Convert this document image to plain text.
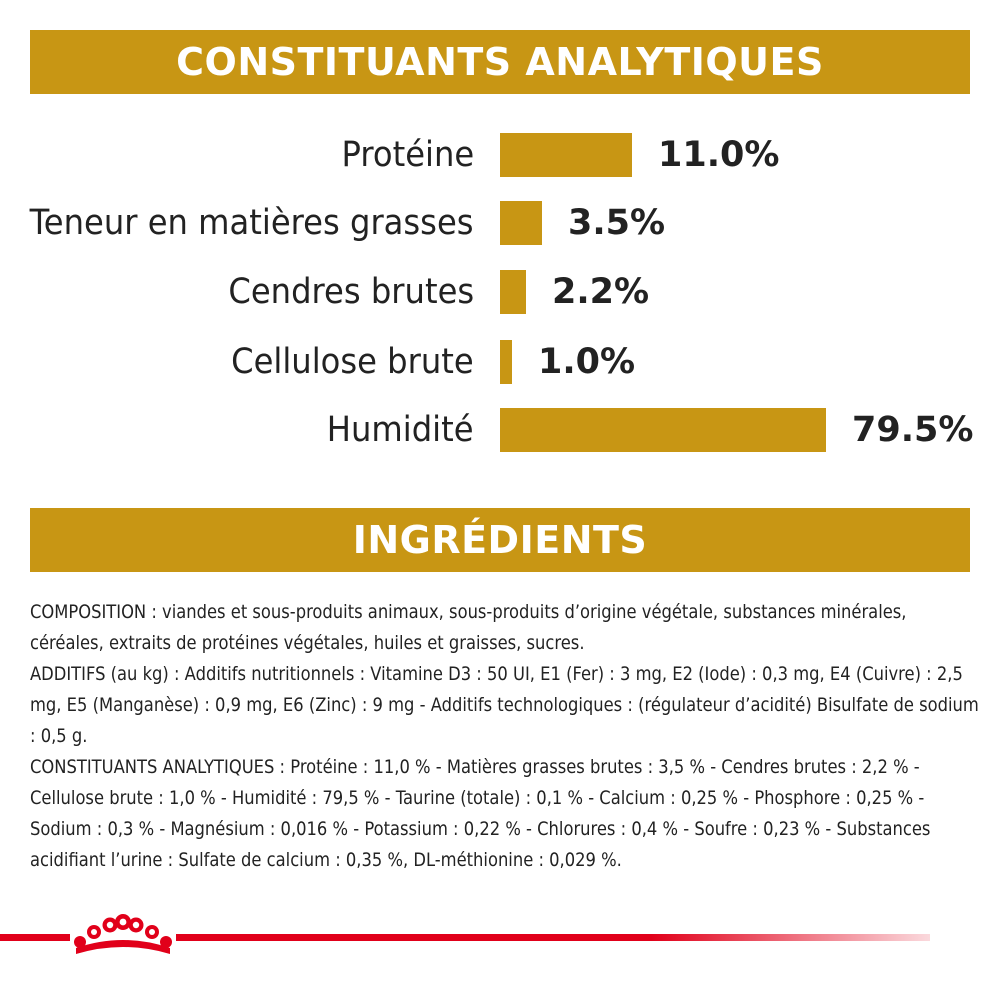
CONSTITUANTS ANALYTIQUES
Protéine	11.0%
Teneur en matières grasses	3.5%
Cendres brutes 2.2%
Cellulose brute 1.0%
Humidité	79.5%
INGRÉDIENTS

COMPOSITION : viandes et sous-produits animaux, sous-produits d’origine végétale, substances minérales, céréales, extraits de protéines végétales, huiles et graisses, sucres.

ADDITIFS (au kg) : Additifs nutritionnels : Vitamine D3 : 50 UI, E1 (Fer) : 3 mg, E2 (Iode) : 0,3 mg, E4 (Cuivre) : 2,5 mg, E5 (Manganèse) : 0,9 mg, E6 (Zinc) : 9 mg - Additifs technologiques : (régulateur d’acidité) Bisulfate de sodium : 0,5 g.

CONSTITUANTS ANALYTIQUES : Protéine : 11,0 % - Matières grasses brutes : 3,5 % - Cendres brutes : 2,2 % - Cellulose brute : 1,0 % - Humidité : 79,5 % - Taurine (totale) : 0,1 % - Calcium : 0,25 % - Phosphore : 0,25 % - Sodium : 0,3 % - Magnésium : 0,016 % - Potassium : 0,22 % - Chlorures : 0,4 % - Soufre : 0,23 % - Substances acidifiant l’urine : Sulfate de calcium : 0,35 %, DL-méthionine : 0,029 %.
